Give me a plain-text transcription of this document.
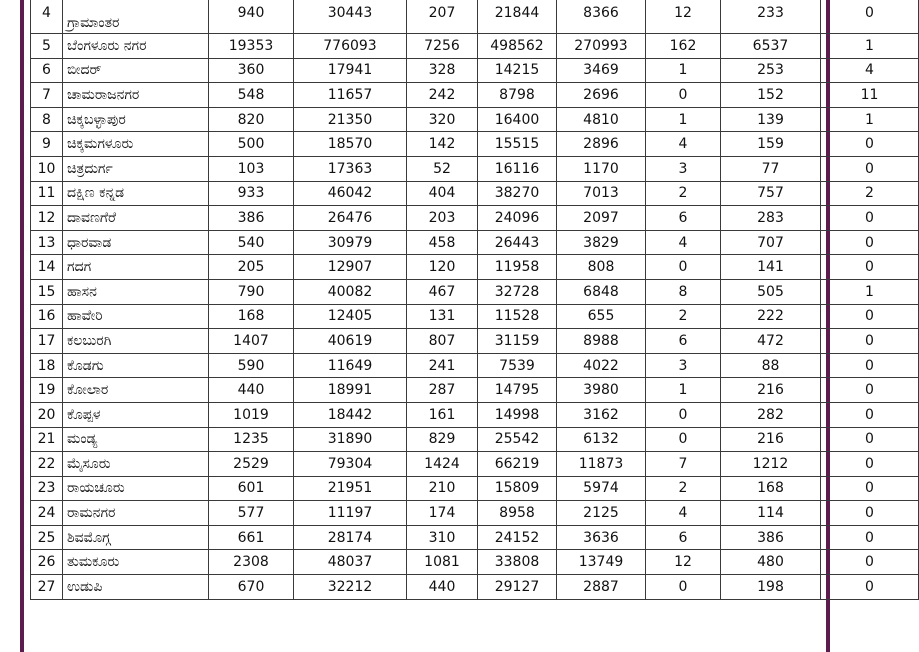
4	ಗ್ರಾಮಾಂತರ	940	30443	207	21844	8366	12	233	0
5	ಬೆಂಗಳೂರು ನಗರ	19353	776093	7256	498562	270993	162	6537	1
6	ಬೀದರ್	360	17941	328	14215	3469	1	253	4
7	ಚಾಮರಾಜನಗರ	548	11657	242	8798	2696	0	152	11
8	ಚಿಕ್ಕಬಳ್ಳಾಪುರ	820	21350	320	16400	4810	1	139	1
9	ಚಿಕ್ಕಮಗಳೂರು	500	18570	142	15515	2896	4	159	0
10	ಚಿತ್ರದುರ್ಗ	103	17363	52	16116	1170	3	77	0
11	ದಕ್ಷಿಣ ಕನ್ನಡ	933	46042	404	38270	7013	2	757	2
12	ದಾವಣಗೆರೆ	386	26476	203	24096	2097	6	283	0
13	ಧಾರವಾಡ	540	30979	458	26443	3829	4	707	0
14	ಗದಗ	205	12907	120	11958	808	0	141	0
15	ಹಾಸನ	790	40082	467	32728	6848	8	505	1
16	ಹಾವೇರಿ	168	12405	131	11528	655	2	222	0
17	ಕಲಬುರಗಿ	1407	40619	807	31159	8988	6	472	0
18	ಕೊಡಗು	590	11649	241	7539	4022	3	88	0
19	ಕೋಲಾರ	440	18991	287	14795	3980	1	216	0
20	ಕೊಪ್ಪಳ	1019	18442	161	14998	3162	0	282	0
21	ಮಂಡ್ಯ	1235	31890	829	25542	6132	0	216	0
22	ಮೈಸೂರು	2529	79304	1424	66219	11873	7	1212	0
23	ರಾಯಚೂರು	601	21951	210	15809	5974	2	168	0
24	ರಾಮನಗರ	577	11197	174	8958	2125	4	114	0
25	ಶಿವಮೊಗ್ಗ	661	28174	310	24152	3636	6	386	0
26	ತುಮಕೂರು	2308	48037	1081	33808	13749	12	480	0
27	ಉಡುಪಿ	670	32212	440	29127	2887	0	198	0
